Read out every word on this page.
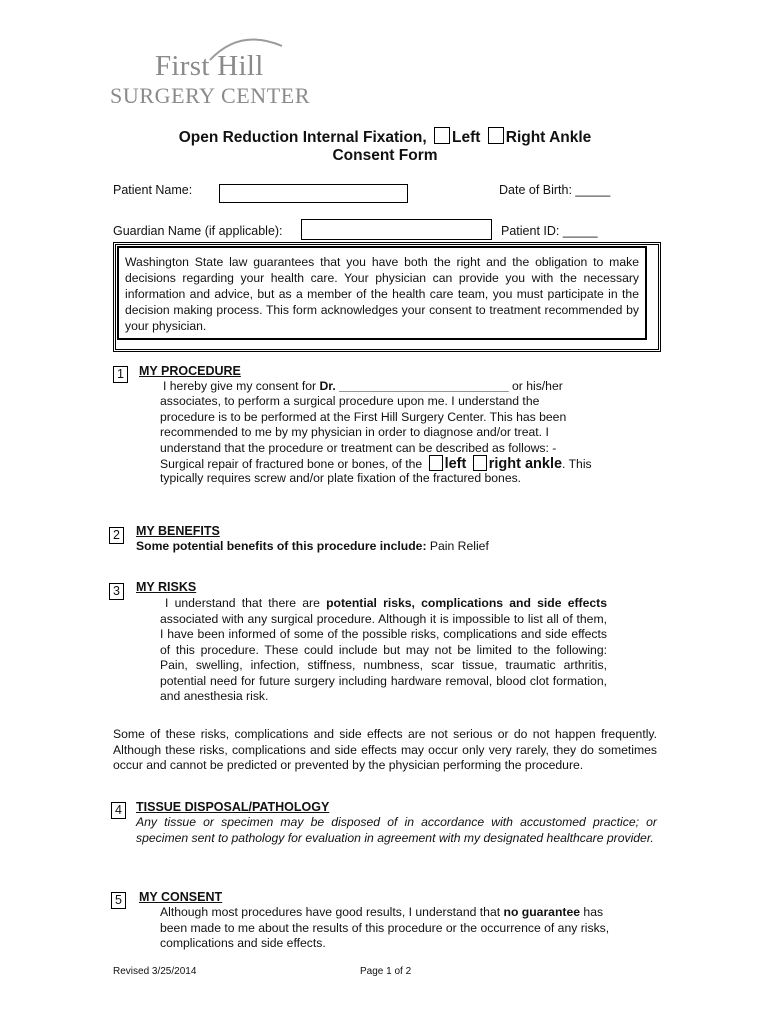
First Hill
SURGERY CENTER
Open Reduction Internal Fixation, Left Right Ankle
Consent Form
Patient Name:	Date of Birth: _____
Guardian Name (if applicable):	Patient ID: _____
Washington State law guarantees that you have both the right and the obligation to make decisions regarding your health care. Your physician can provide you with the necessary information and advice, but as a member of the health care team, you must participate in the decision making process. This form acknowledges your consent to treatment recommended by your physician.
1	MY PROCEDURE
I hereby give my consent for Dr. _________________________ or his/her
associates, to perform a surgical procedure upon me. I understand the procedure is to be performed at the First Hill Surgery Center. This has been recommended to me by my physician in order to diagnose and/or treat. I understand that the procedure or treatment can be described as follows: -
Surgical repair of fractured bone or bones, of the left right ankle. This
typically requires screw and/or plate fixation of the fractured bones.
2	MY BENEFITS
Some potential benefits of this procedure include: Pain Relief
3	MY RISKS
I understand that there are potential risks, complications and side effects associated with any surgical procedure. Although it is impossible to list all of them, I have been informed of some of the possible risks, complications and side effects of this procedure. These could include but may not be limited to the following: Pain, swelling, infection, stiffness, numbness, scar tissue, traumatic arthritis, potential need for future surgery including hardware removal, blood clot formation, and anesthesia risk.
Some of these risks, complications and side effects are not serious or do not happen frequently. Although these risks, complications and side effects may occur only very rarely, they do sometimes occur and cannot be predicted or prevented by the physician performing the procedure.
4	TISSUE DISPOSAL/PATHOLOGY
Any tissue or specimen may be disposed of in accordance with accustomed practice; or specimen sent to pathology for evaluation in agreement with my designated healthcare provider.
5	MY CONSENT
Although most procedures have good results, I understand that no guarantee has been made to me about the results of this procedure or the occurrence of any risks, complications and side effects.
Revised 3/25/2014	Page 1 of 2
